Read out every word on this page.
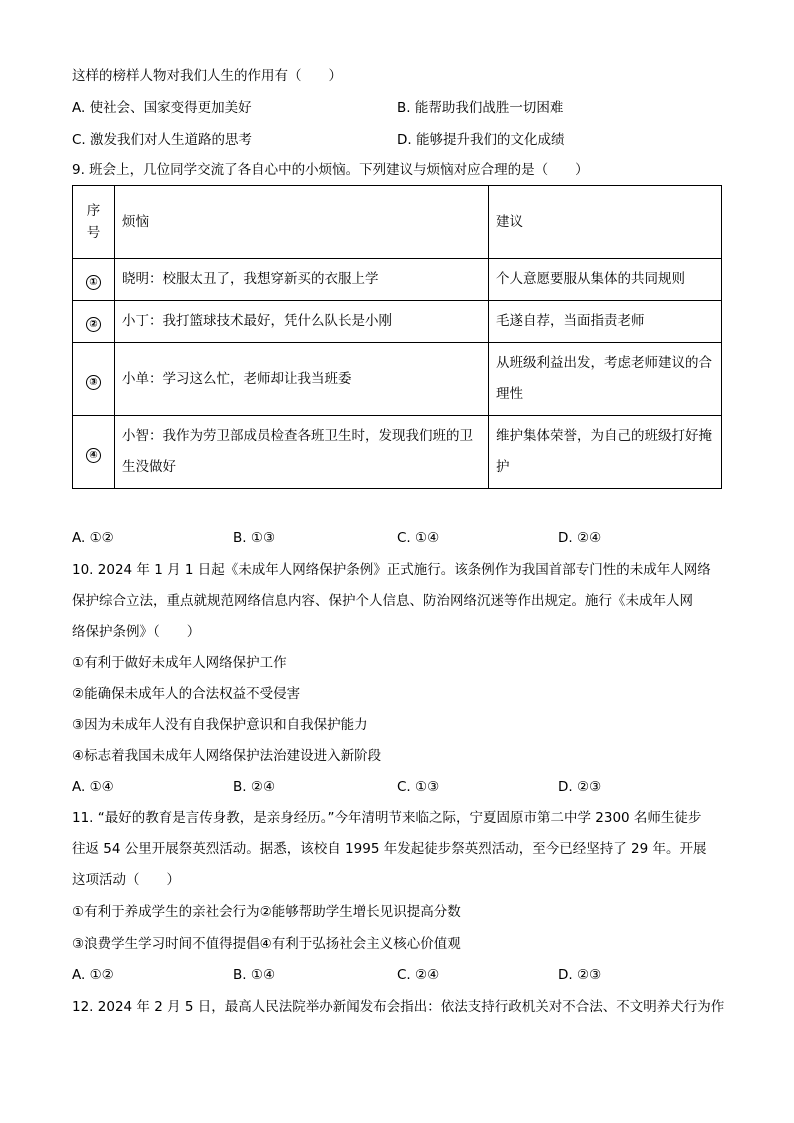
这样的榜样人物对我们人生的作用有（　　）
A. 使社会、国家变得更加美好	B. 能帮助我们战胜一切困难
C. 激发我们对人生道路的思考	D. 能够提升我们的文化成绩
9. 班会上，几位同学交流了各自心中的小烦恼。下列建议与烦恼对应合理的是（　　）
序号	烦恼	建议
①	晓明：校服太丑了，我想穿新买的衣服上学	个人意愿要服从集体的共同规则
②	小丁：我打篮球技术最好，凭什么队长是小刚	毛遂自荐，当面指责老师
③	小单：学习这么忙，老师却让我当班委	从班级利益出发，考虑老师建议的合理性
④	小智：我作为劳卫部成员检查各班卫生时，发现我们班的卫生没做好	维护集体荣誉，为自己的班级打好掩护
A. ①②	B. ①③	C. ①④	D. ②④
10. 2024 年 1 月 1 日起《未成年人网络保护条例》正式施行。该条例作为我国首部专门性的未成年人网络
保护综合立法，重点就规范网络信息内容、保护个人信息、防治网络沉迷等作出规定。施行《未成年人网
络保护条例》（　　）
①有利于做好未成年人网络保护工作
②能确保未成年人的合法权益不受侵害
③因为未成年人没有自我保护意识和自我保护能力
④标志着我国未成年人网络保护法治建设进入新阶段
A. ①④	B. ②④	C. ①③	D. ②③
11. “最好的教育是言传身教，是亲身经历。”今年清明节来临之际，宁夏固原市第二中学 2300 名师生徒步
往返 54 公里开展祭英烈活动。据悉，该校自 1995 年发起徒步祭英烈活动，至今已经坚持了 29 年。开展
这项活动（　　）
①有利于养成学生的亲社会行为②能够帮助学生增长见识提高分数
③浪费学生学习时间不值得提倡④有利于弘扬社会主义核心价值观
A. ①②	B. ①④	C. ②④	D. ②③
12. 2024 年 2 月 5 日，最高人民法院举办新闻发布会指出：依法支持行政机关对不合法、不文明养犬行为作
